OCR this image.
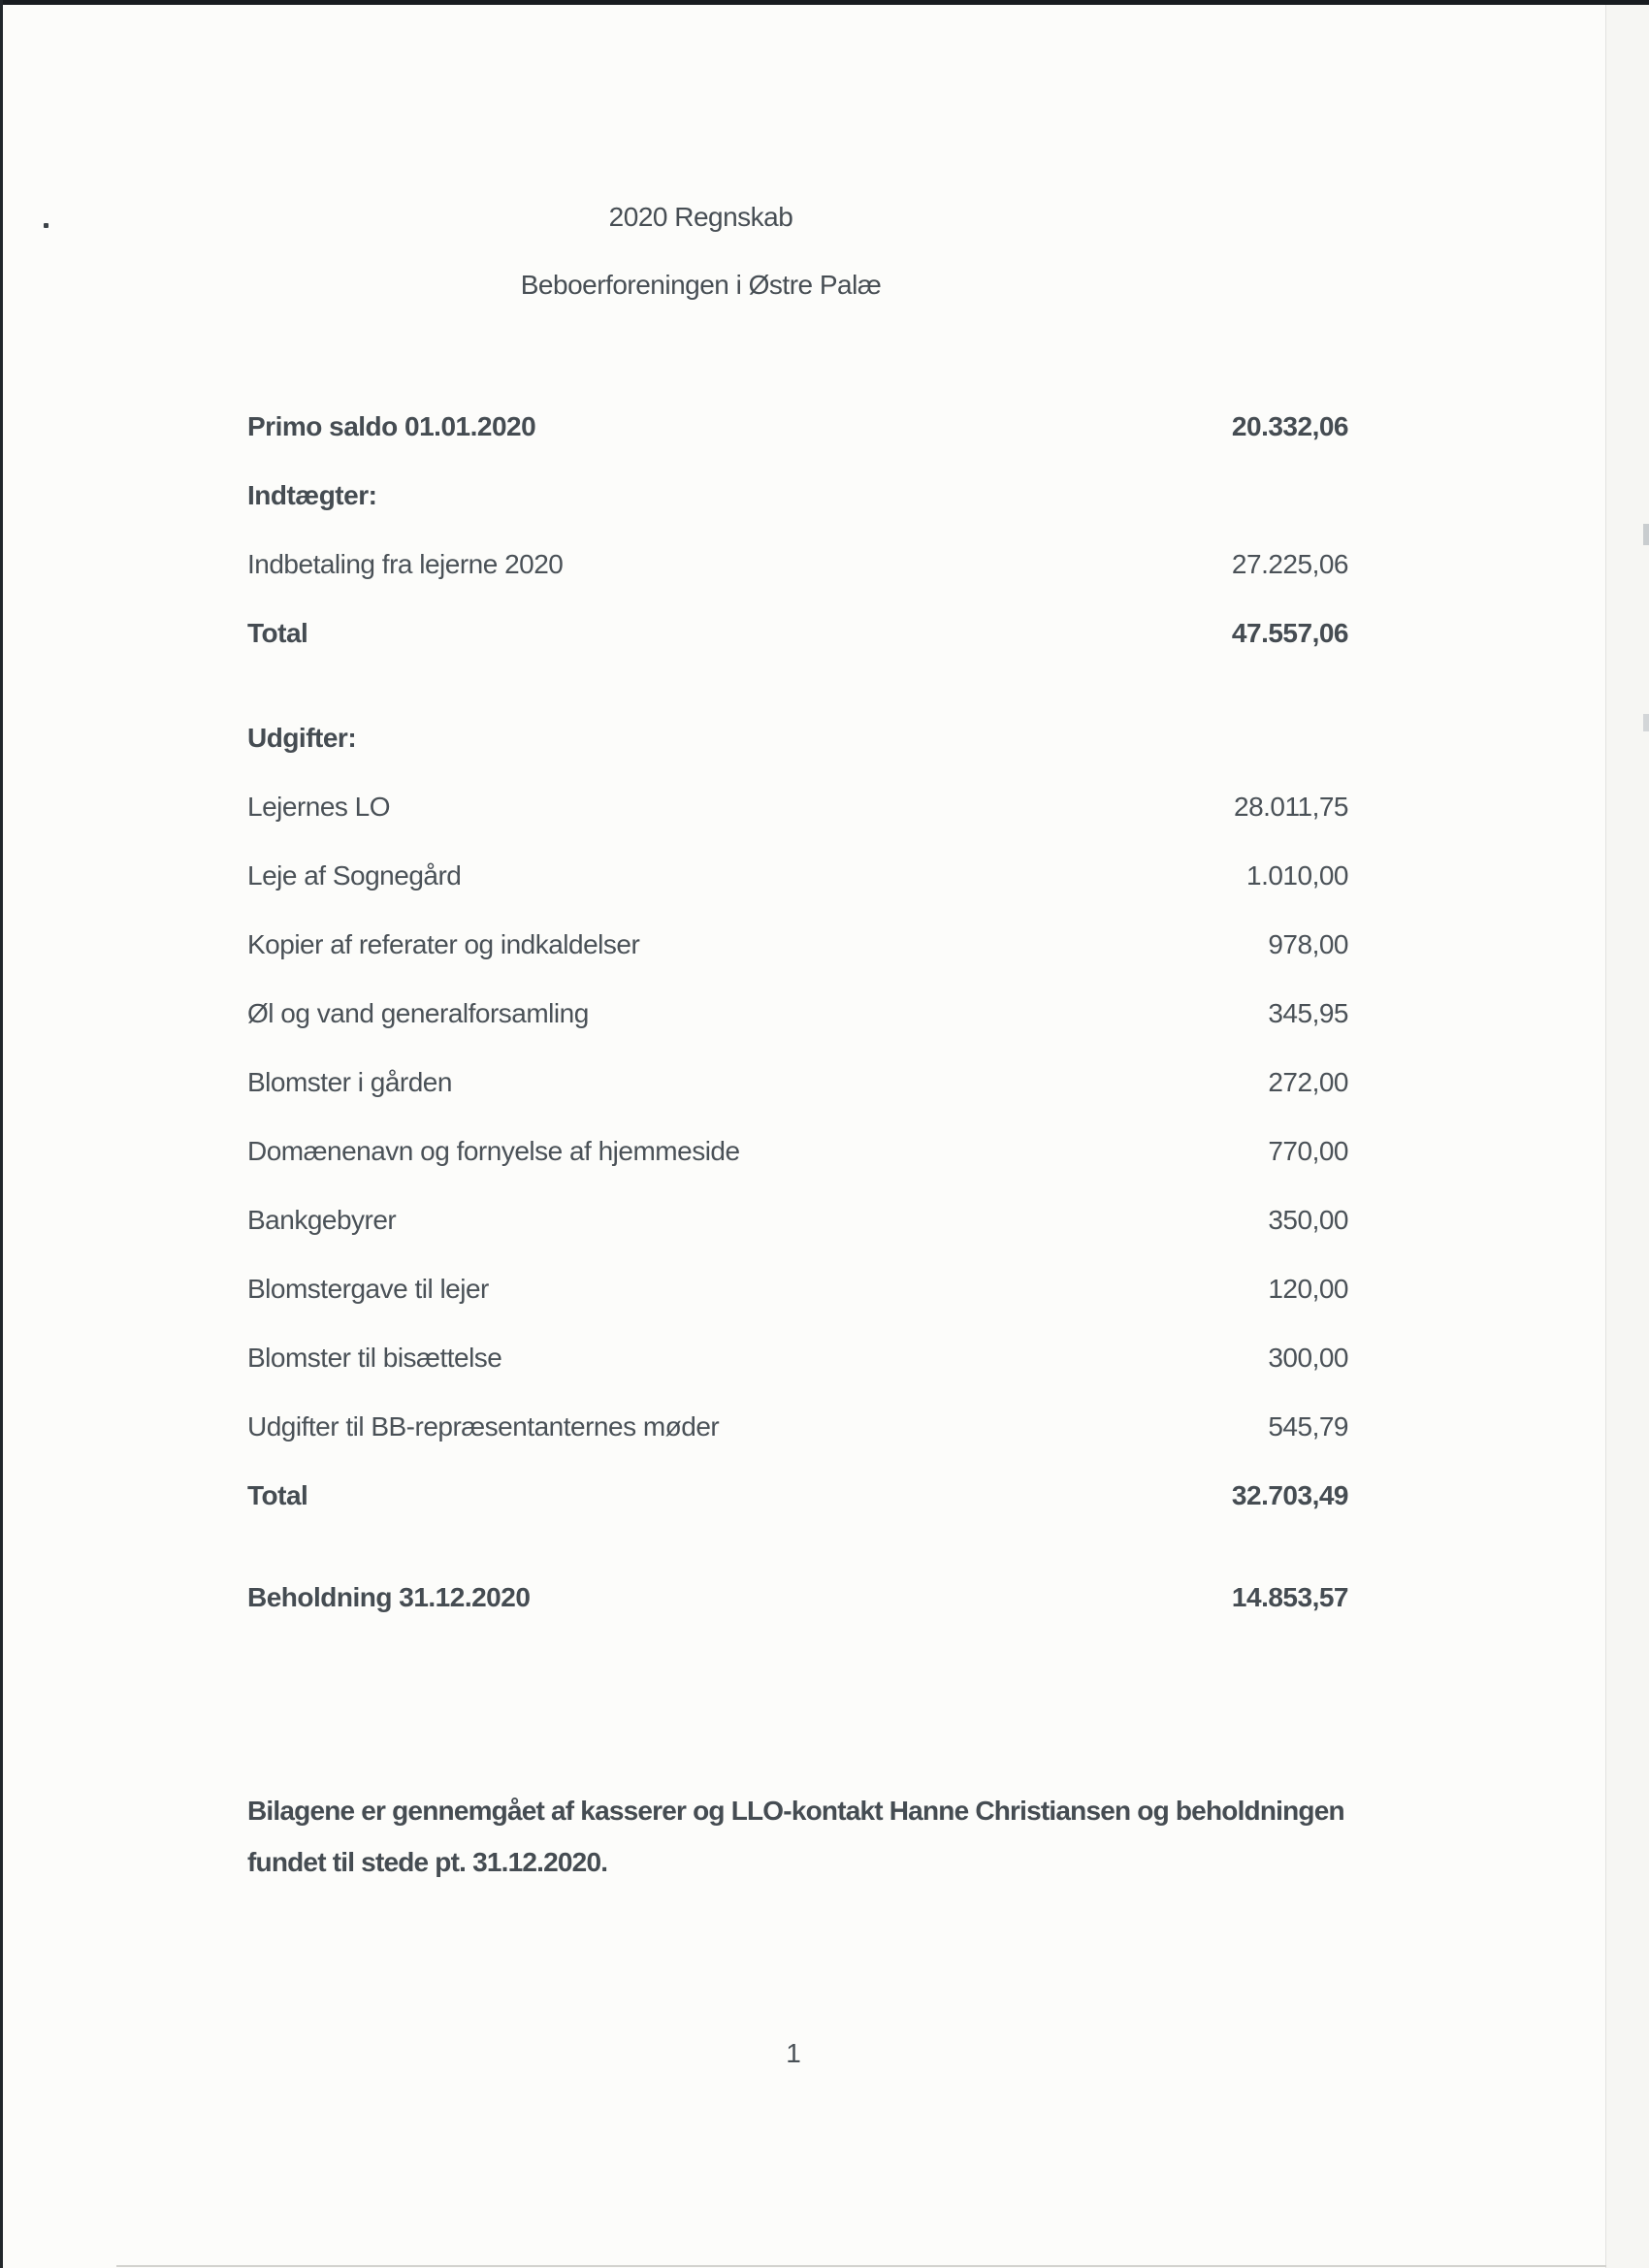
2020 Regnskab
Beboerforeningen i Østre Palæ
Primo saldo 01.01.2020	20.332,06
Indtægter:
Indbetaling fra lejerne 2020	27.225,06
Total	47.557,06
Udgifter:
Lejernes LO	28.011,75
Leje af Sognegård	1.010,00
Kopier af referater og indkaldelser	978,00
Øl og vand generalforsamling	345,95
Blomster i gården	272,00
Domænenavn og fornyelse af hjemmeside	770,00
Bankgebyrer	350,00
Blomstergave til lejer	120,00
Blomster til bisættelse	300,00
Udgifter til BB-repræsentanternes møder	545,79
Total	32.703,49
Beholdning 31.12.2020	14.853,57
Bilagene er gennemgået af kasserer og LLO-kontakt Hanne Christiansen og beholdningen
fundet til stede pt. 31.12.2020.
1
